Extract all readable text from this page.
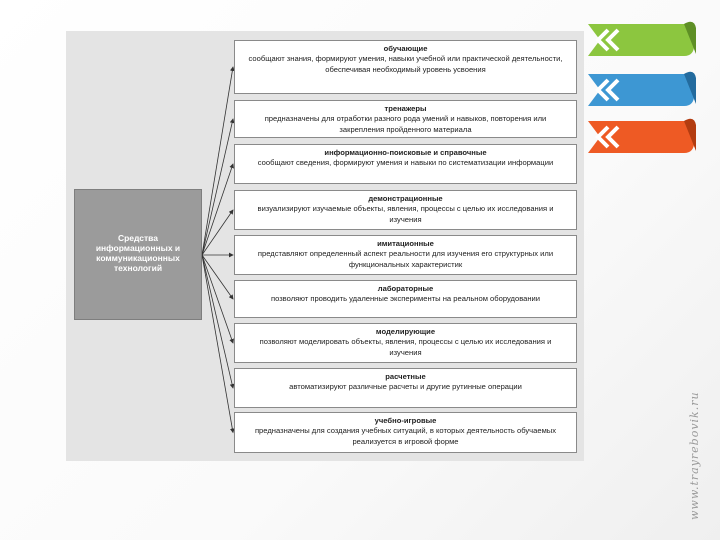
Средства
информационных и
коммуникационных
технологий
обучающие
сообщают знания, формируют умения, навыки учебной или практической деятельности, обеспечивая необходимый уровень усвоения
тренажеры
предназначены для отработки разного рода умений и навыков, повторения или закрепления пройденного материала
информационно-поисковые и справочные
сообщают сведения, формируют умения и навыки по систематизации информации
демонстрационные
визуализируют изучаемые объекты, явления, процессы с целью их исследования и изучения
имитационные
представляют определенный аспект реальности для изучения его структурных или функциональных характеристик
лабораторные
позволяют проводить удаленные эксперименты на реальном оборудовании
моделирующие
позволяют моделировать объекты, явления, процессы с целью их исследования и изучения
расчетные
автоматизируют различные расчеты и другие рутинные операции
учебно-игровые
предназначены для создания учебных ситуаций, в которых деятельность обучаемых реализуется в игровой форме	www.trayrebovik.ru
